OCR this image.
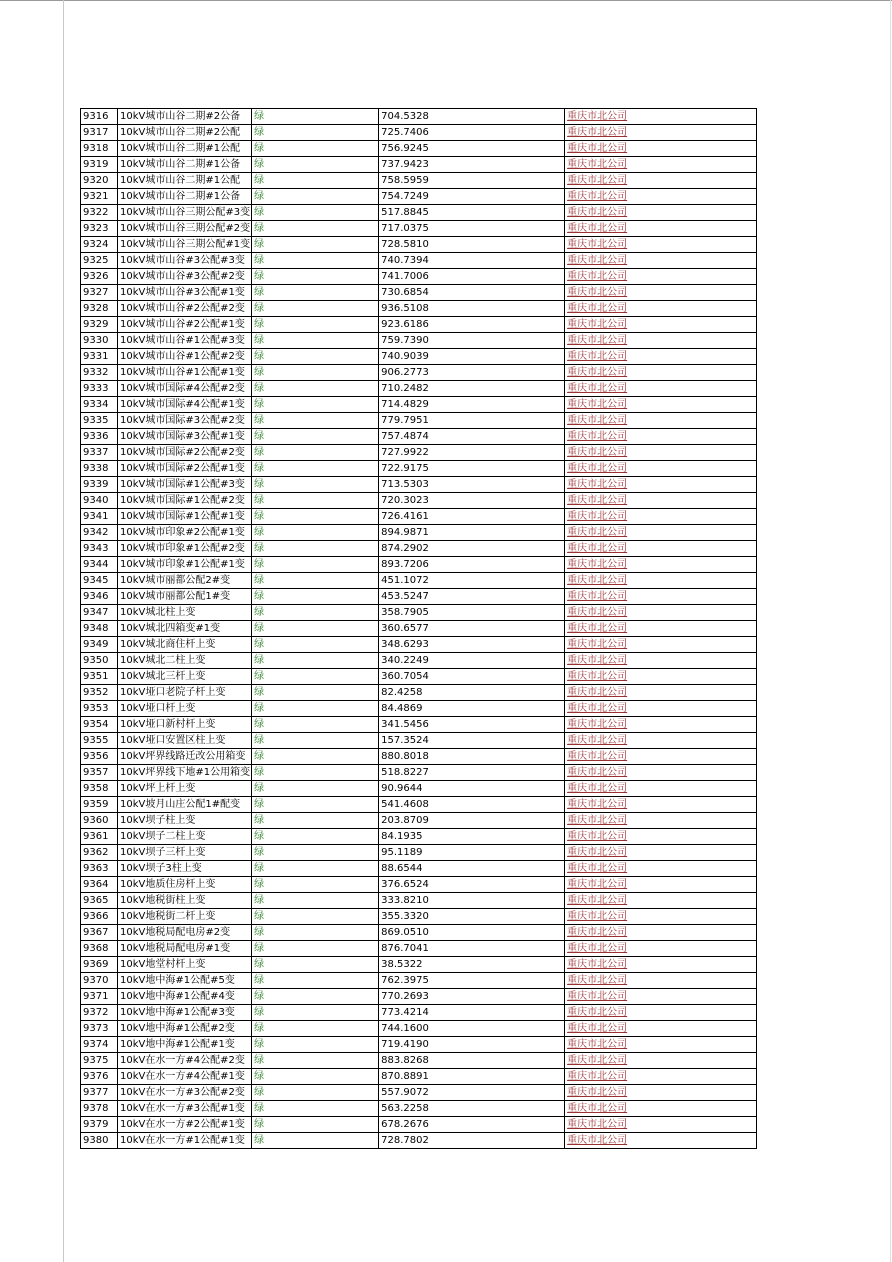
9316	10kV城市山谷二期#2公备	绿	704.5328	重庆市北公司
9317	10kV城市山谷二期#2公配	绿	725.7406	重庆市北公司
9318	10kV城市山谷二期#1公配	绿	756.9245	重庆市北公司
9319	10kV城市山谷二期#1公备	绿	737.9423	重庆市北公司
9320	10kV城市山谷二期#1公配	绿	758.5959	重庆市北公司
9321	10kV城市山谷二期#1公备	绿	754.7249	重庆市北公司
9322	10kV城市山谷三期公配#3变	绿	517.8845	重庆市北公司
9323	10kV城市山谷三期公配#2变	绿	717.0375	重庆市北公司
9324	10kV城市山谷三期公配#1变	绿	728.5810	重庆市北公司
9325	10kV城市山谷#3公配#3变	绿	740.7394	重庆市北公司
9326	10kV城市山谷#3公配#2变	绿	741.7006	重庆市北公司
9327	10kV城市山谷#3公配#1变	绿	730.6854	重庆市北公司
9328	10kV城市山谷#2公配#2变	绿	936.5108	重庆市北公司
9329	10kV城市山谷#2公配#1变	绿	923.6186	重庆市北公司
9330	10kV城市山谷#1公配#3变	绿	759.7390	重庆市北公司
9331	10kV城市山谷#1公配#2变	绿	740.9039	重庆市北公司
9332	10kV城市山谷#1公配#1变	绿	906.2773	重庆市北公司
9333	10kV城市国际#4公配#2变	绿	710.2482	重庆市北公司
9334	10kV城市国际#4公配#1变	绿	714.4829	重庆市北公司
9335	10kV城市国际#3公配#2变	绿	779.7951	重庆市北公司
9336	10kV城市国际#3公配#1变	绿	757.4874	重庆市北公司
9337	10kV城市国际#2公配#2变	绿	727.9922	重庆市北公司
9338	10kV城市国际#2公配#1变	绿	722.9175	重庆市北公司
9339	10kV城市国际#1公配#3变	绿	713.5303	重庆市北公司
9340	10kV城市国际#1公配#2变	绿	720.3023	重庆市北公司
9341	10kV城市国际#1公配#1变	绿	726.4161	重庆市北公司
9342	10kV城市印象#2公配#1变	绿	894.9871	重庆市北公司
9343	10kV城市印象#1公配#2变	绿	874.2902	重庆市北公司
9344	10kV城市印象#1公配#1变	绿	893.7206	重庆市北公司
9345	10kV城市丽都公配2#变	绿	451.1072	重庆市北公司
9346	10kV城市丽都公配1#变	绿	453.5247	重庆市北公司
9347	10kV城北柱上变	绿	358.7905	重庆市北公司
9348	10kV城北四箱变#1变	绿	360.6577	重庆市北公司
9349	10kV城北商住杆上变	绿	348.6293	重庆市北公司
9350	10kV城北二柱上变	绿	340.2249	重庆市北公司
9351	10kV城北三杆上变	绿	360.7054	重庆市北公司
9352	10kV垭口老院子杆上变	绿	82.4258	重庆市北公司
9353	10kV垭口杆上变	绿	84.4869	重庆市北公司
9354	10kV垭口新村杆上变	绿	341.5456	重庆市北公司
9355	10kV垭口安置区柱上变	绿	157.3524	重庆市北公司
9356	10kV坪界线路迁改公用箱变	绿	880.8018	重庆市北公司
9357	10kV坪界线下地#1公用箱变	绿	518.8227	重庆市北公司
9358	10kV坪上杆上变	绿	90.9644	重庆市北公司
9359	10kV坡月山庄公配1#配变	绿	541.4608	重庆市北公司
9360	10kV坝子柱上变	绿	203.8709	重庆市北公司
9361	10kV坝子二柱上变	绿	84.1935	重庆市北公司
9362	10kV坝子三杆上变	绿	95.1189	重庆市北公司
9363	10kV坝子3柱上变	绿	88.6544	重庆市北公司
9364	10kV地质住房杆上变	绿	376.6524	重庆市北公司
9365	10kV地税街柱上变	绿	333.8210	重庆市北公司
9366	10kV地税街二杆上变	绿	355.3320	重庆市北公司
9367	10kV地税局配电房#2变	绿	869.0510	重庆市北公司
9368	10kV地税局配电房#1变	绿	876.7041	重庆市北公司
9369	10kV地堂村杆上变	绿	38.5322	重庆市北公司
9370	10kV地中海#1公配#5变	绿	762.3975	重庆市北公司
9371	10kV地中海#1公配#4变	绿	770.2693	重庆市北公司
9372	10kV地中海#1公配#3变	绿	773.4214	重庆市北公司
9373	10kV地中海#1公配#2变	绿	744.1600	重庆市北公司
9374	10kV地中海#1公配#1变	绿	719.4190	重庆市北公司
9375	10kV在水一方#4公配#2变	绿	883.8268	重庆市北公司
9376	10kV在水一方#4公配#1变	绿	870.8891	重庆市北公司
9377	10kV在水一方#3公配#2变	绿	557.9072	重庆市北公司
9378	10kV在水一方#3公配#1变	绿	563.2258	重庆市北公司
9379	10kV在水一方#2公配#1变	绿	678.2676	重庆市北公司
9380	10kV在水一方#1公配#1变	绿	728.7802	重庆市北公司
